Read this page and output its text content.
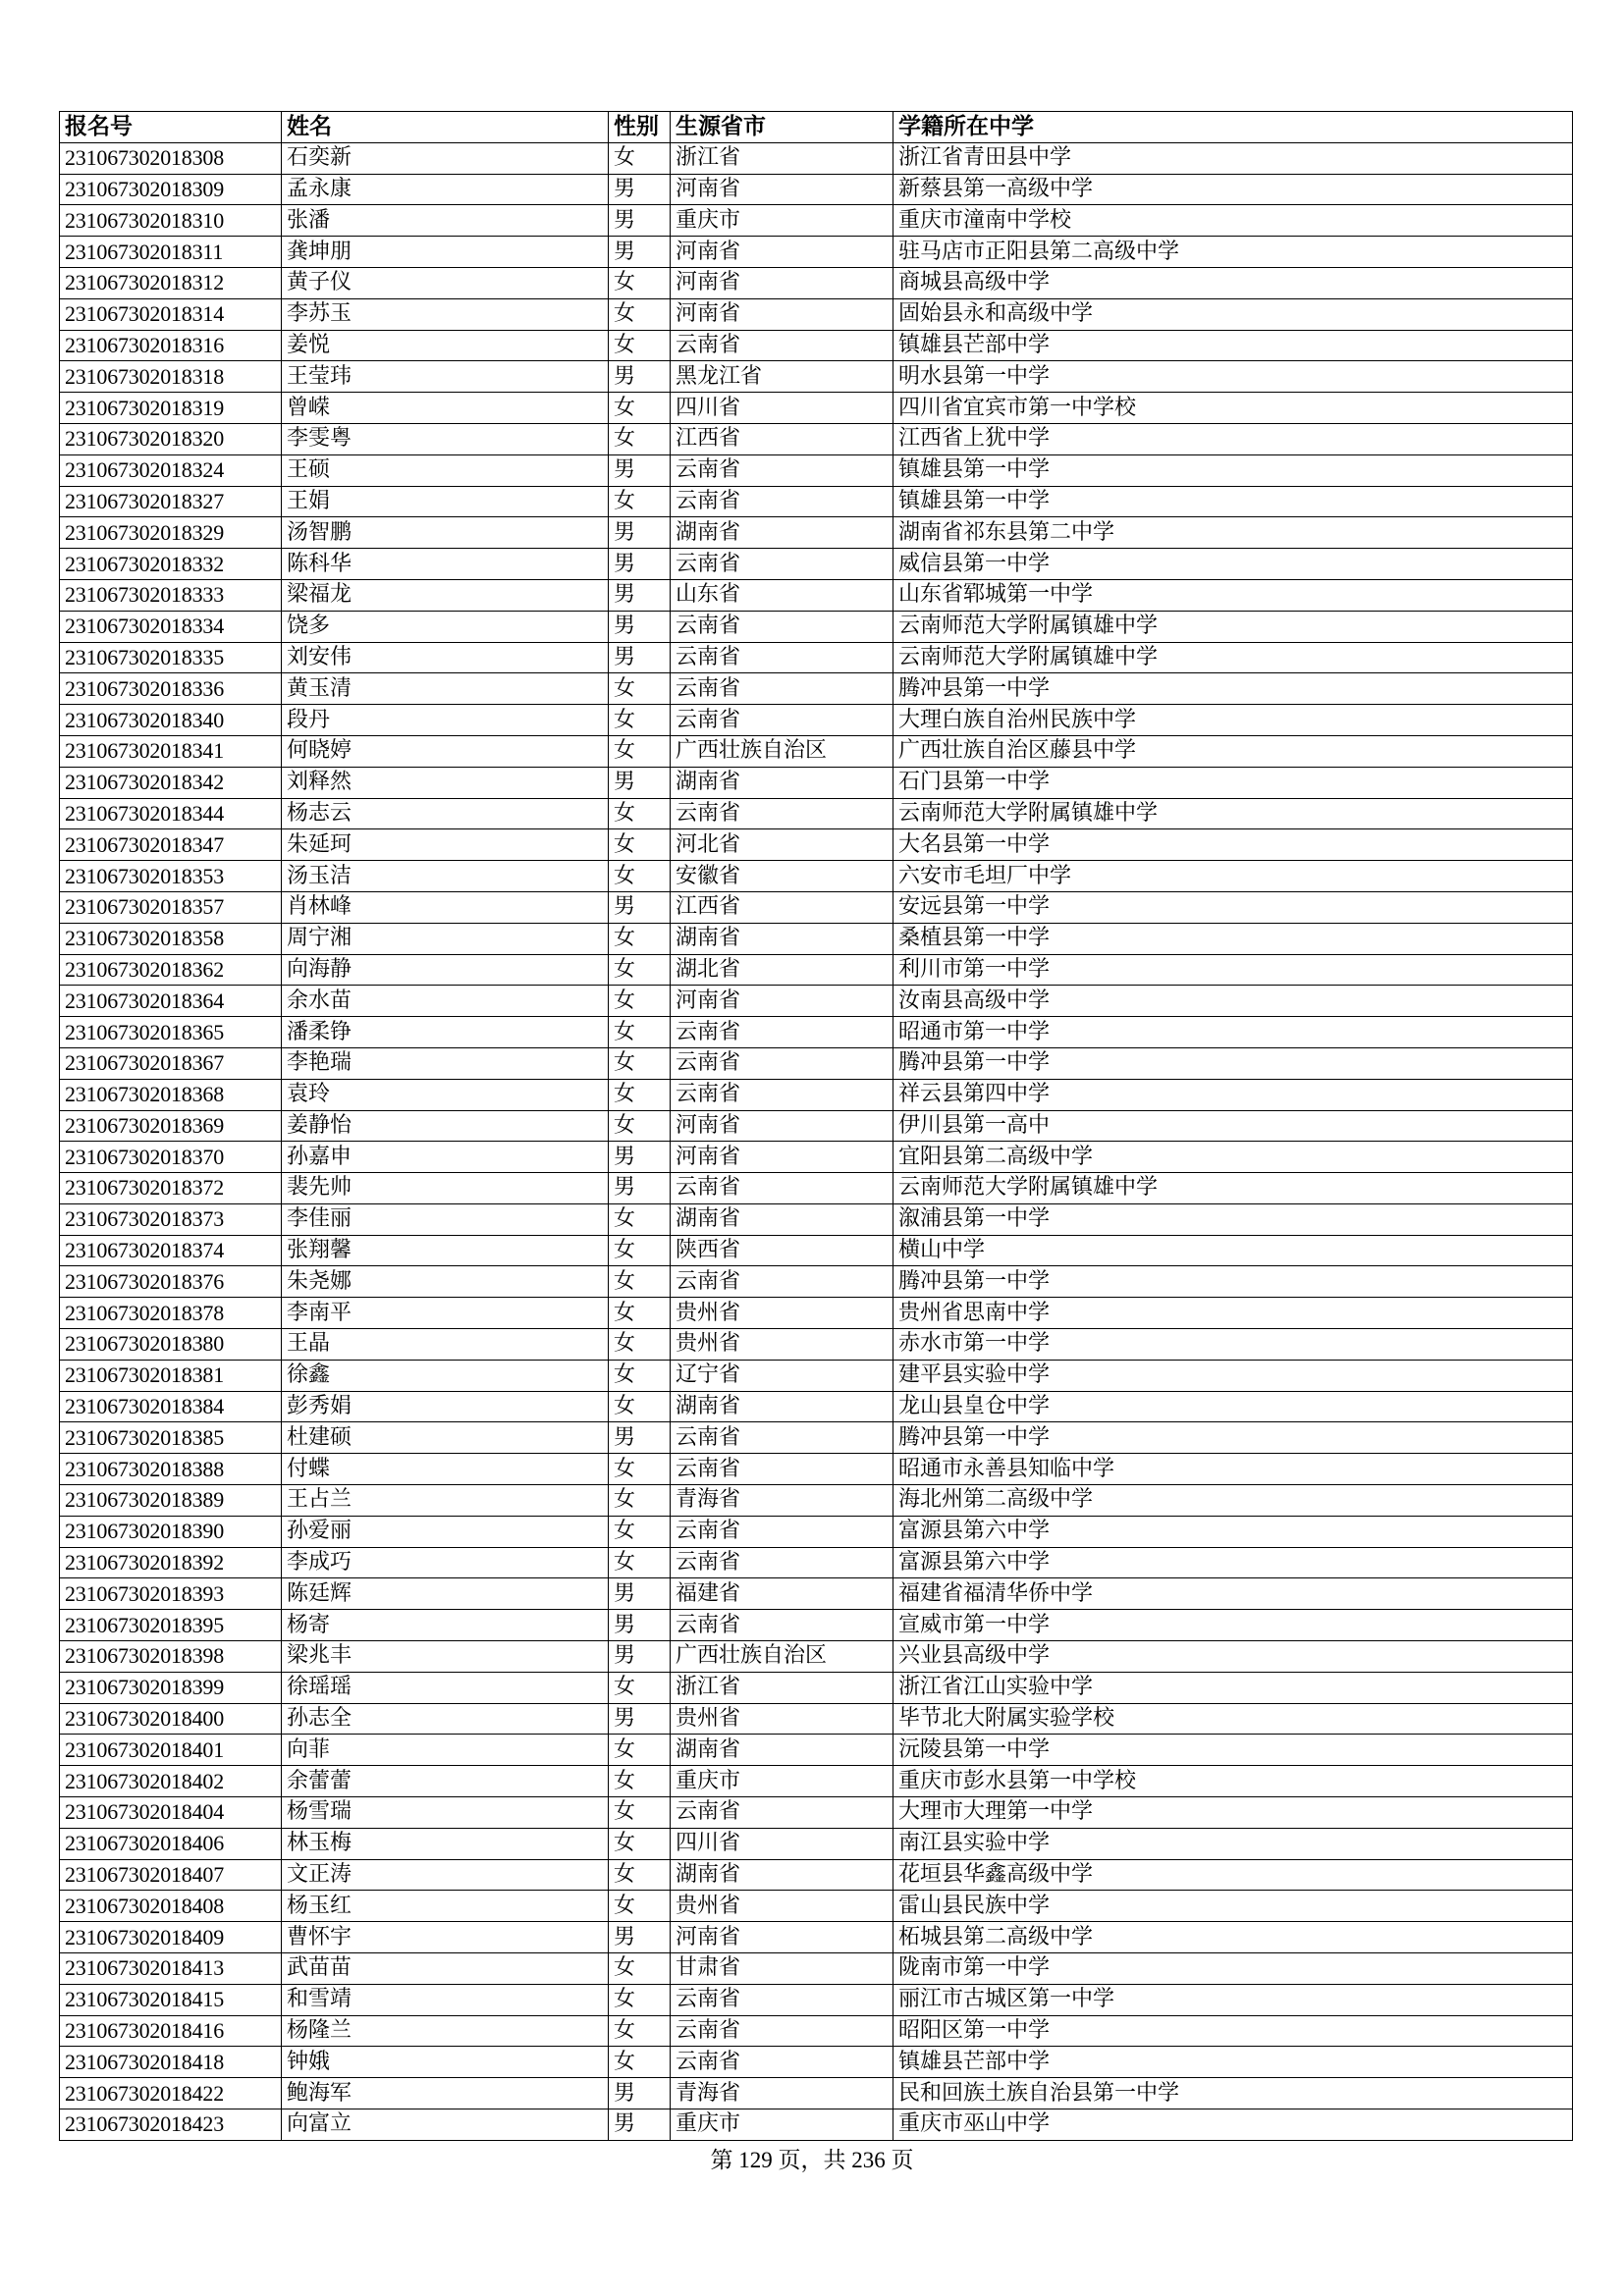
报名号	姓名	性别	生源省市	学籍所在中学
231067302018308	石奕新	女	浙江省	浙江省青田县中学
231067302018309	孟永康	男	河南省	新蔡县第一高级中学
231067302018310	张潘	男	重庆市	重庆市潼南中学校
231067302018311	龚坤朋	男	河南省	驻马店市正阳县第二高级中学
231067302018312	黄子仪	女	河南省	商城县高级中学
231067302018314	李苏玉	女	河南省	固始县永和高级中学
231067302018316	姜悦	女	云南省	镇雄县芒部中学
231067302018318	王莹玮	男	黑龙江省	明水县第一中学
231067302018319	曾嵘	女	四川省	四川省宜宾市第一中学校
231067302018320	李雯粤	女	江西省	江西省上犹中学
231067302018324	王硕	男	云南省	镇雄县第一中学
231067302018327	王娟	女	云南省	镇雄县第一中学
231067302018329	汤智鹏	男	湖南省	湖南省祁东县第二中学
231067302018332	陈科华	男	云南省	威信县第一中学
231067302018333	梁福龙	男	山东省	山东省郓城第一中学
231067302018334	饶多	男	云南省	云南师范大学附属镇雄中学
231067302018335	刘安伟	男	云南省	云南师范大学附属镇雄中学
231067302018336	黄玉清	女	云南省	腾冲县第一中学
231067302018340	段丹	女	云南省	大理白族自治州民族中学
231067302018341	何晓婷	女	广西壮族自治区	广西壮族自治区藤县中学
231067302018342	刘释然	男	湖南省	石门县第一中学
231067302018344	杨志云	女	云南省	云南师范大学附属镇雄中学
231067302018347	朱延珂	女	河北省	大名县第一中学
231067302018353	汤玉洁	女	安徽省	六安市毛坦厂中学
231067302018357	肖林峰	男	江西省	安远县第一中学
231067302018358	周宁湘	女	湖南省	桑植县第一中学
231067302018362	向海静	女	湖北省	利川市第一中学
231067302018364	余水苗	女	河南省	汝南县高级中学
231067302018365	潘柔铮	女	云南省	昭通市第一中学
231067302018367	李艳瑞	女	云南省	腾冲县第一中学
231067302018368	袁玲	女	云南省	祥云县第四中学
231067302018369	姜静怡	女	河南省	伊川县第一高中
231067302018370	孙嘉申	男	河南省	宜阳县第二高级中学
231067302018372	裴先帅	男	云南省	云南师范大学附属镇雄中学
231067302018373	李佳丽	女	湖南省	溆浦县第一中学
231067302018374	张翔馨	女	陕西省	横山中学
231067302018376	朱尧娜	女	云南省	腾冲县第一中学
231067302018378	李南平	女	贵州省	贵州省思南中学
231067302018380	王晶	女	贵州省	赤水市第一中学
231067302018381	徐鑫	女	辽宁省	建平县实验中学
231067302018384	彭秀娟	女	湖南省	龙山县皇仓中学
231067302018385	杜建硕	男	云南省	腾冲县第一中学
231067302018388	付蝶	女	云南省	昭通市永善县知临中学
231067302018389	王占兰	女	青海省	海北州第二高级中学
231067302018390	孙爱丽	女	云南省	富源县第六中学
231067302018392	李成巧	女	云南省	富源县第六中学
231067302018393	陈廷辉	男	福建省	福建省福清华侨中学
231067302018395	杨寄	男	云南省	宣威市第一中学
231067302018398	梁兆丰	男	广西壮族自治区	兴业县高级中学
231067302018399	徐瑶瑶	女	浙江省	浙江省江山实验中学
231067302018400	孙志全	男	贵州省	毕节北大附属实验学校
231067302018401	向菲	女	湖南省	沅陵县第一中学
231067302018402	余蕾蕾	女	重庆市	重庆市彭水县第一中学校
231067302018404	杨雪瑞	女	云南省	大理市大理第一中学
231067302018406	林玉梅	女	四川省	南江县实验中学
231067302018407	文正涛	女	湖南省	花垣县华鑫高级中学
231067302018408	杨玉红	女	贵州省	雷山县民族中学
231067302018409	曹怀宇	男	河南省	柘城县第二高级中学
231067302018413	武苗苗	女	甘肃省	陇南市第一中学
231067302018415	和雪靖	女	云南省	丽江市古城区第一中学
231067302018416	杨隆兰	女	云南省	昭阳区第一中学
231067302018418	钟娥	女	云南省	镇雄县芒部中学
231067302018422	鲍海军	男	青海省	民和回族土族自治县第一中学
231067302018423	向富立	男	重庆市	重庆市巫山中学
第 129 页，共 236 页
